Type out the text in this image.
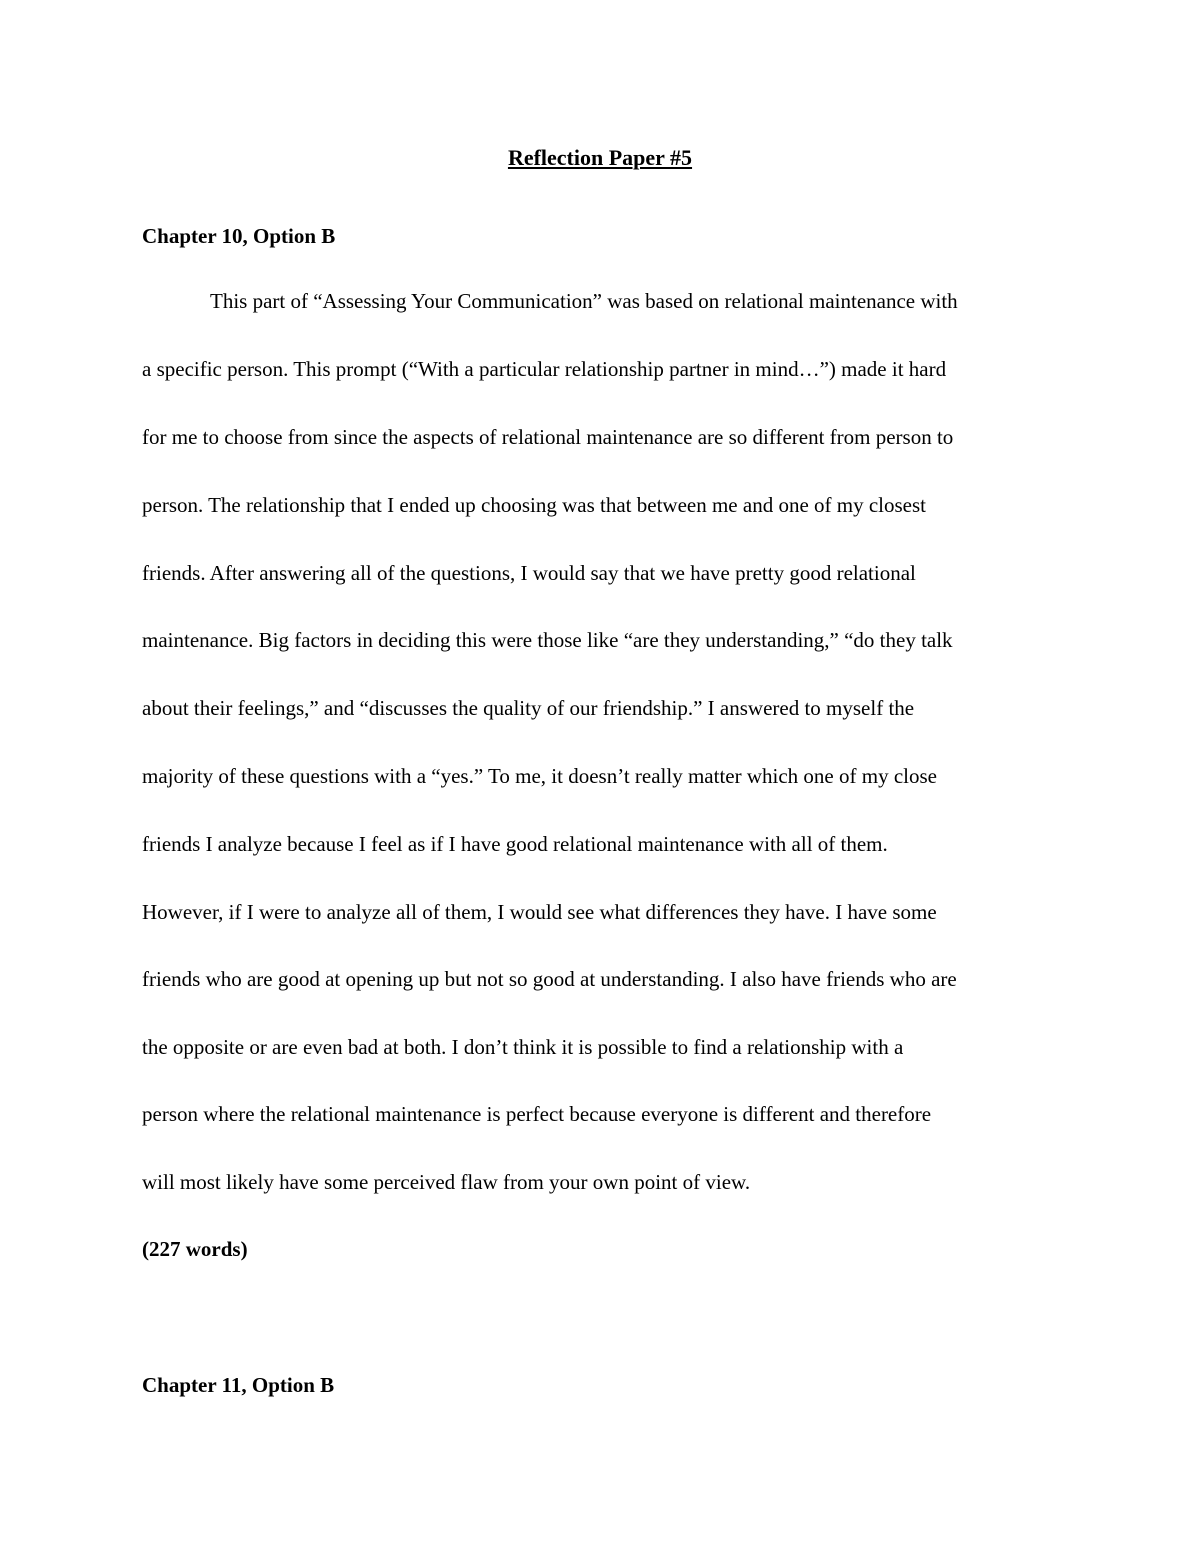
Reflection Paper #5
Chapter 10, Option B

This part of “Assessing Your Communication” was based on relational maintenance with

a specific person. This prompt (“With a particular relationship partner in mind…”) made it hard

for me to choose from since the aspects of relational maintenance are so different from person to

person. The relationship that I ended up choosing was that between me and one of my closest

friends. After answering all of the questions, I would say that we have pretty good relational

maintenance. Big factors in deciding this were those like “are they understanding,” “do they talk

about their feelings,” and “discusses the quality of our friendship.” I answered to myself the

majority of these questions with a “yes.” To me, it doesn’t really matter which one of my close

friends I analyze because I feel as if I have good relational maintenance with all of them.

However, if I were to analyze all of them, I would see what differences they have. I have some

friends who are good at opening up but not so good at understanding. I also have friends who are

the opposite or are even bad at both. I don’t think it is possible to find a relationship with a

person where the relational maintenance is perfect because everyone is different and therefore

will most likely have some perceived flaw from your own point of view.

(227 words)

Chapter 11, Option B
